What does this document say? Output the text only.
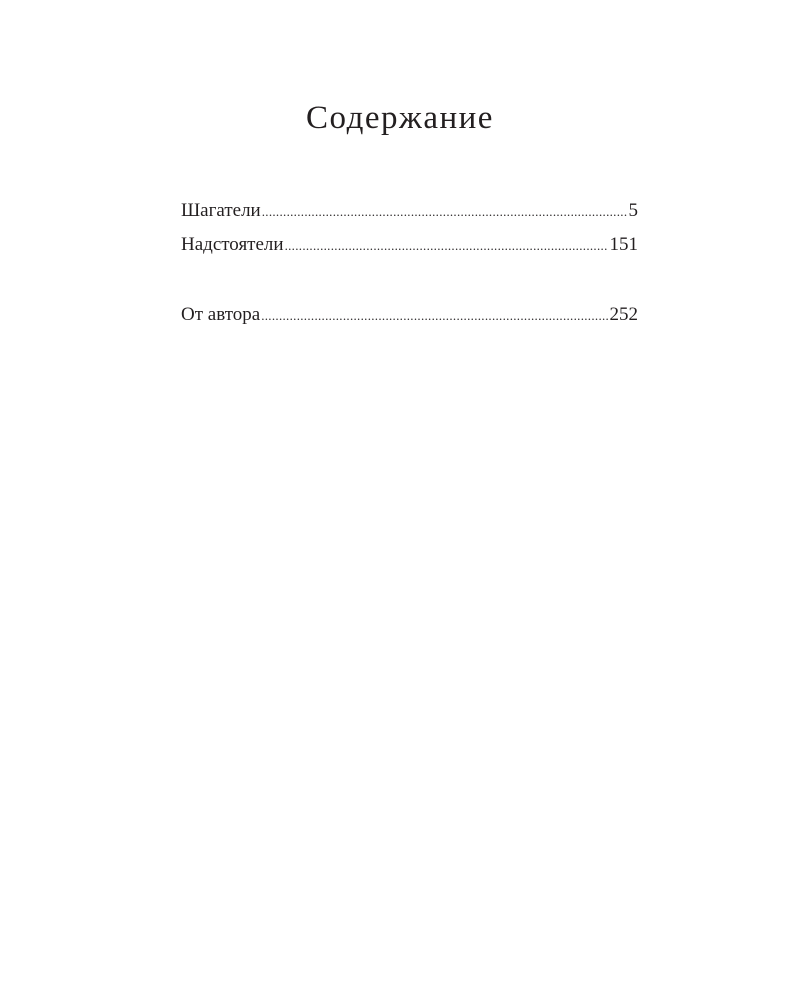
Содержание
Шагатели .....	5
Надстоятели .....	151
От автора .....	252
